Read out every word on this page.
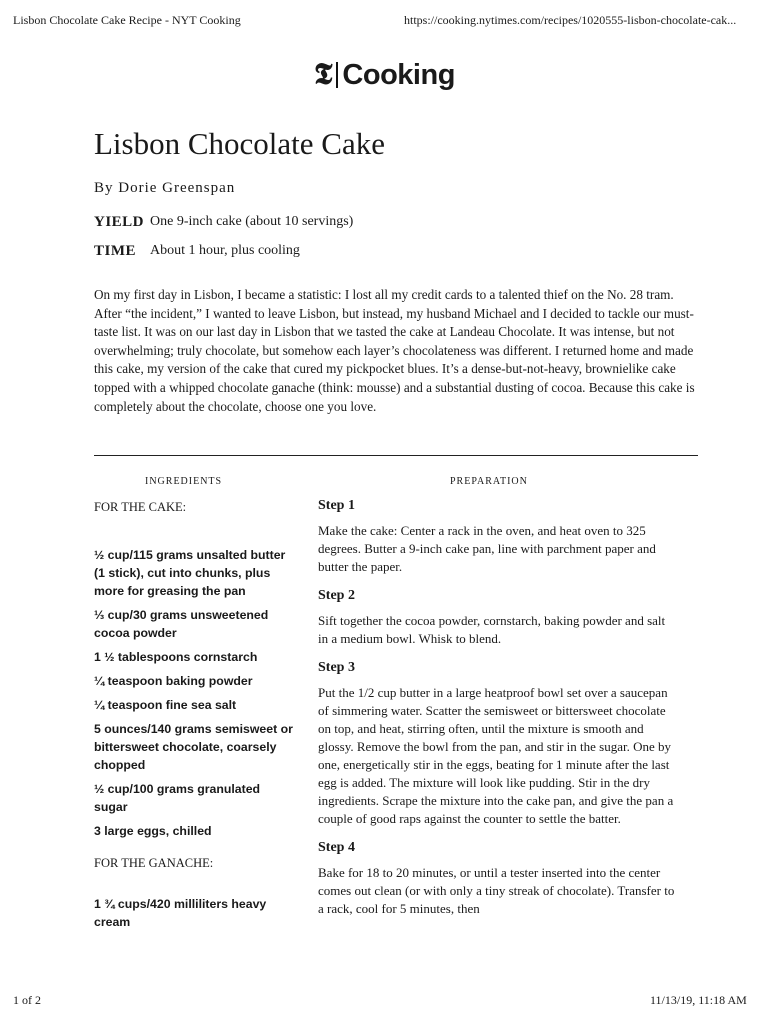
Lisbon Chocolate Cake Recipe - NYT Cooking	https://cooking.nytimes.com/recipes/1020555-lisbon-chocolate-cak...
𝕿 Cooking
Lisbon Chocolate Cake
By Dorie Greenspan
YIELD One 9-inch cake (about 10 servings)
TIME About 1 hour, plus cooling

On my first day in Lisbon, I became a statistic: I lost all my credit cards to a talented thief on the No. 28 tram. After “the incident,” I wanted to leave Lisbon, but instead, my husband Michael and I decided to tackle our must-taste list. It was on our last day in Lisbon that we tasted the cake at Landeau Chocolate. It was intense, but not overwhelming; truly chocolate, but somehow each layer’s chocolateness was different. I returned home and made this cake, my version of the cake that cured my pickpocket blues. It’s a dense-but-not-heavy, brownielike cake topped with a whipped chocolate ganache (think: mousse) and a substantial dusting of cocoa. Because this cake is completely about the chocolate, choose one you love.

INGREDIENTS	PREPARATION

FOR THE CAKE:

½ cup/115 grams unsalted butter (1 stick), cut into chunks, plus more for greasing the pan

⅓ cup/30 grams unsweetened cocoa powder

1 ½ tablespoons cornstarch

¼ teaspoon baking powder

¼ teaspoon fine sea salt

5 ounces/140 grams semisweet or bittersweet chocolate, coarsely chopped

½ cup/100 grams granulated sugar

3 large eggs, chilled

FOR THE GANACHE:

1 ¾ cups/420 milliliters heavy cream

Step 1

Make the cake: Center a rack in the oven, and heat oven to 325 degrees. Butter a 9-inch cake pan, line with parchment paper and butter the paper.

Step 2

Sift together the cocoa powder, cornstarch, baking powder and salt in a medium bowl. Whisk to blend.

Step 3

Put the 1/2 cup butter in a large heatproof bowl set over a saucepan of simmering water. Scatter the semisweet or bittersweet chocolate on top, and heat, stirring often, until the mixture is smooth and glossy. Remove the bowl from the pan, and stir in the sugar. One by one, energetically stir in the eggs, beating for 1 minute after the last egg is added. The mixture will look like pudding. Stir in the dry ingredients. Scrape the mixture into the cake pan, and give the pan a couple of good raps against the counter to settle the batter.

Step 4

Bake for 18 to 20 minutes, or until a tester inserted into the center comes out clean (or with only a tiny streak of chocolate). Transfer to a rack, cool for 5 minutes, then

1 of 2	11/13/19, 11:18 AM
